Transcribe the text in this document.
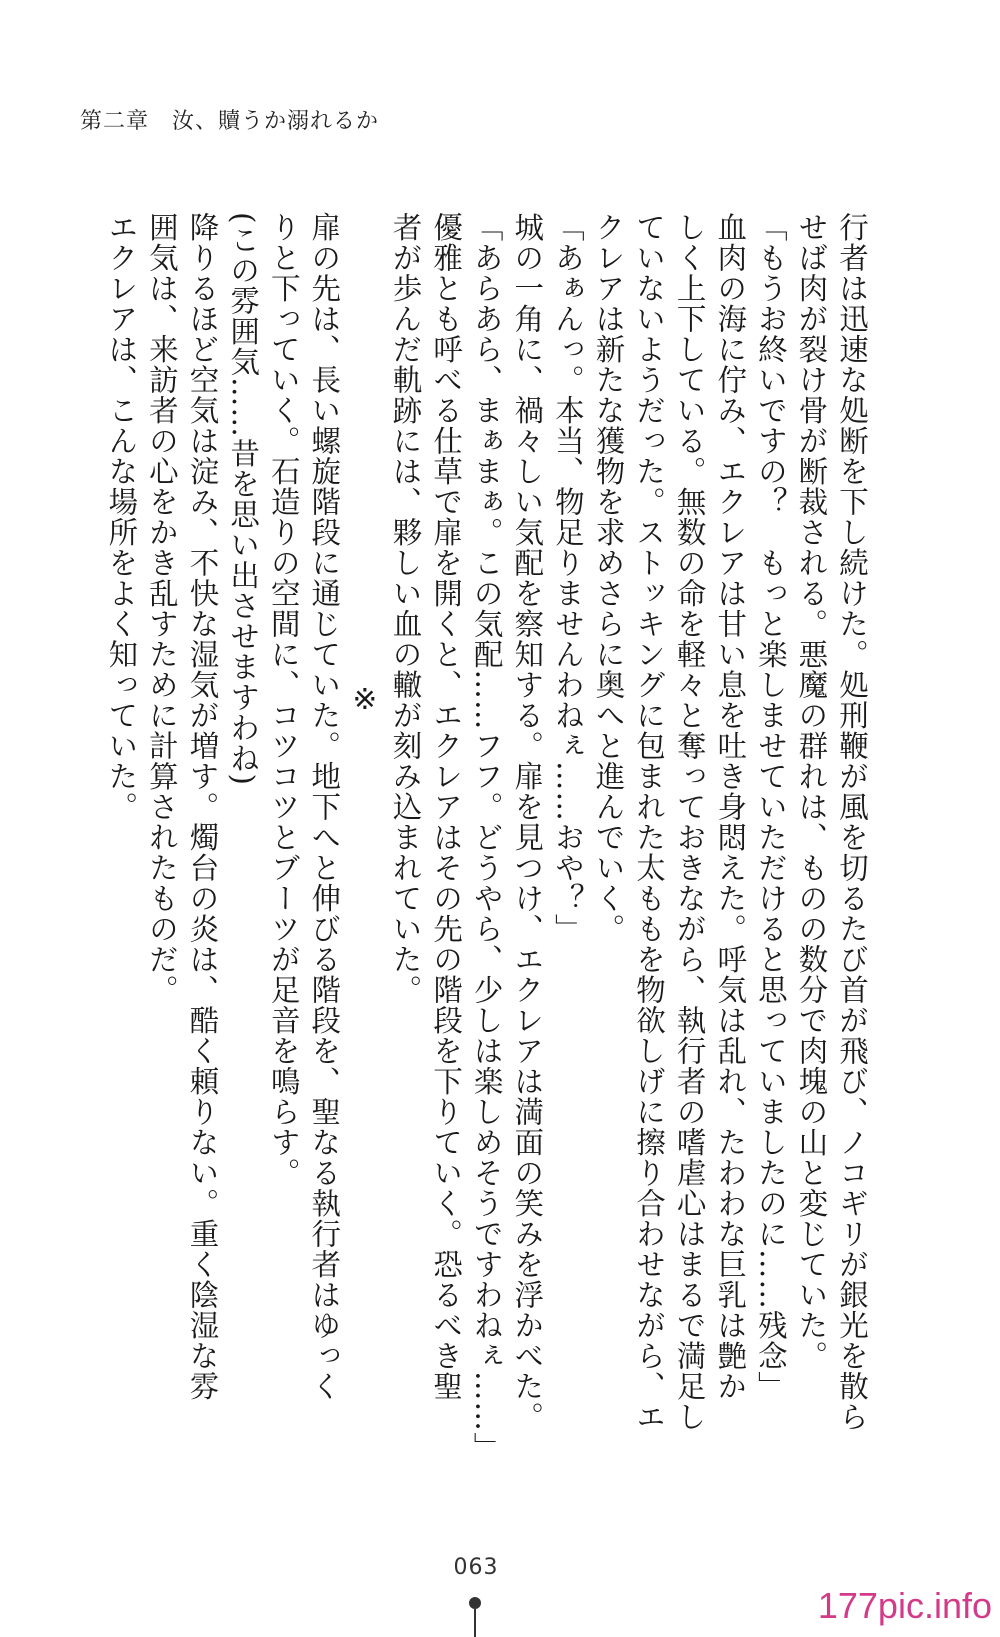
第二章　汝、贖うか溺れるか
行者は迅速な処断を下し続けた。処刑鞭が風を切るたび首が飛び、ノコギリが銀光を散ら
せば肉が裂け骨が断裁される。悪魔の群れは、ものの数分で肉塊の山と変じていた。
「もうお終いですの？　もっと楽しませていただけると思っていましたのに……残念」
血肉の海に佇み、エクレアは甘い息を吐き身悶えた。呼気は乱れ、たわわな巨乳は艶か
しく上下している。無数の命を軽々と奪っておきながら、執行者の嗜虐心はまるで満足し
ていないようだった。ストッキングに包まれた太ももを物欲しげに擦り合わせながら、エ
クレアは新たな獲物を求めさらに奥へと進んでいく。
「あぁんっ。本当、物足りませんわねぇ……おや？」
城の一角に、禍々しい気配を察知する。扉を見つけ、エクレアは満面の笑みを浮かべた。
「あらあら、まぁまぁ。この気配……フフ。どうやら、少しは楽しめそうですわねぇ……」
優雅とも呼べる仕草で扉を開くと、エクレアはその先の階段を下りていく。恐るべき聖
者が歩んだ軌跡には、夥しい血の轍が刻み込まれていた。
※
扉の先は、長い螺旋階段に通じていた。地下へと伸びる階段を、聖なる執行者はゆっく
りと下っていく。石造りの空間に、コツコツとブーツが足音を鳴らす。
(この雰囲気……昔を思い出させますわね)
降りるほど空気は淀み、不快な湿気が増す。燭台の炎は、酷く頼りない。重く陰湿な雰
囲気は、来訪者の心をかき乱すために計算されたものだ。
エクレアは、こんな場所をよく知っていた。
063
177pic.info
